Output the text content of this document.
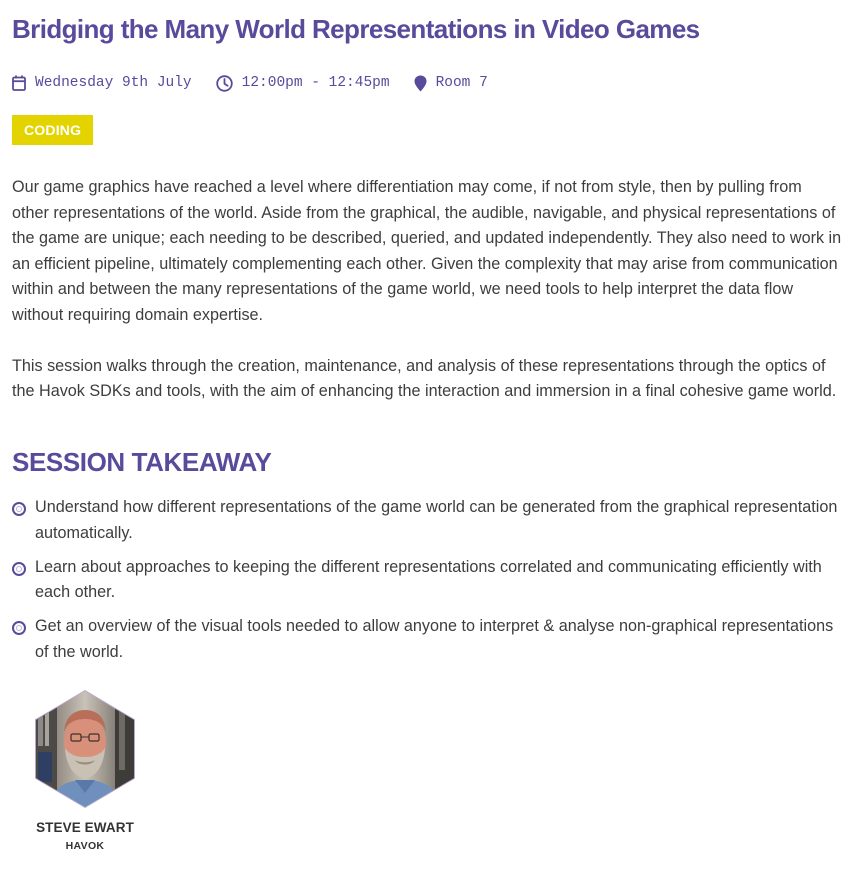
Bridging the Many World Representations in Video Games
Wednesday 9th July	12:00pm - 12:45pm	Room 7
CODING

Our game graphics have reached a level where differentiation may come, if not from style, then by pulling from other representations of the world. Aside from the graphical, the audible, navigable, and physical representations of the game are unique; each needing to be described, queried, and updated independently. They also need to work in an efficient pipeline, ultimately complementing each other. Given the complexity that may arise from communication within and between the many representations of the game world, we need tools to help interpret the data flow without requiring domain expertise.

This session walks through the creation, maintenance, and analysis of these representations through the optics of the Havok SDKs and tools, with the aim of enhancing the interaction and immersion in a final cohesive game world.

SESSION TAKEAWAY
Understand how different representations of the game world can be generated from the graphical representation automatically.
Learn about approaches to keeping the different representations correlated and communicating efficiently with each other.
Get an overview of the visual tools needed to allow anyone to interpret & analyse non-graphical representations of the world.
STEVE EWART
HAVOK
